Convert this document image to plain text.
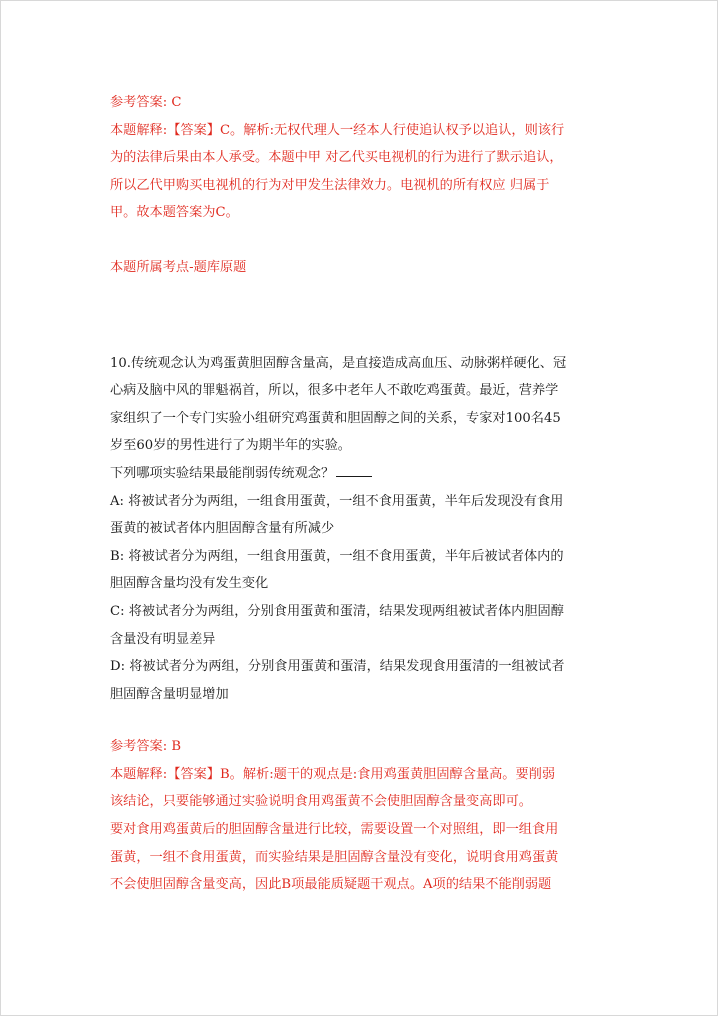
参考答案: C
本题解释:【答案】C。解析:无权代理人一经本人行使追认权予以追认，则该行
为的法律后果由本人承受。本题中甲 对乙代买电视机的行为进行了默示追认，
所以乙代甲购买电视机的行为对甲发生法律效力。电视机的所有权应 归属于
甲。故本题答案为C。
本题所属考点-题库原题
10.传统观念认为鸡蛋黄胆固醇含量高，是直接造成高血压、动脉粥样硬化、冠
心病及脑中风的罪魁祸首，所以，很多中老年人不敢吃鸡蛋黄。最近，营养学
家组织了一个专门实验小组研究鸡蛋黄和胆固醇之间的关系，专家对100名45
岁至60岁的男性进行了为期半年的实验。
下列哪项实验结果最能削弱传统观念？
A: 将被试者分为两组，一组食用蛋黄，一组不食用蛋黄，半年后发现没有食用
蛋黄的被试者体内胆固醇含量有所减少
B: 将被试者分为两组，一组食用蛋黄，一组不食用蛋黄，半年后被试者体内的
胆固醇含量均没有发生变化
C: 将被试者分为两组，分别食用蛋黄和蛋清，结果发现两组被试者体内胆固醇
含量没有明显差异
D: 将被试者分为两组，分别食用蛋黄和蛋清，结果发现食用蛋清的一组被试者
胆固醇含量明显增加
参考答案: B
本题解释:【答案】B。解析:题干的观点是:食用鸡蛋黄胆固醇含量高。要削弱
该结论，只要能够通过实验说明食用鸡蛋黄不会使胆固醇含量变高即可。
要对食用鸡蛋黄后的胆固醇含量进行比较，需要设置一个对照组，即一组食用
蛋黄，一组不食用蛋黄，而实验结果是胆固醇含量没有变化，说明食用鸡蛋黄
不会使胆固醇含量变高，因此B项最能质疑题干观点。A项的结果不能削弱题
